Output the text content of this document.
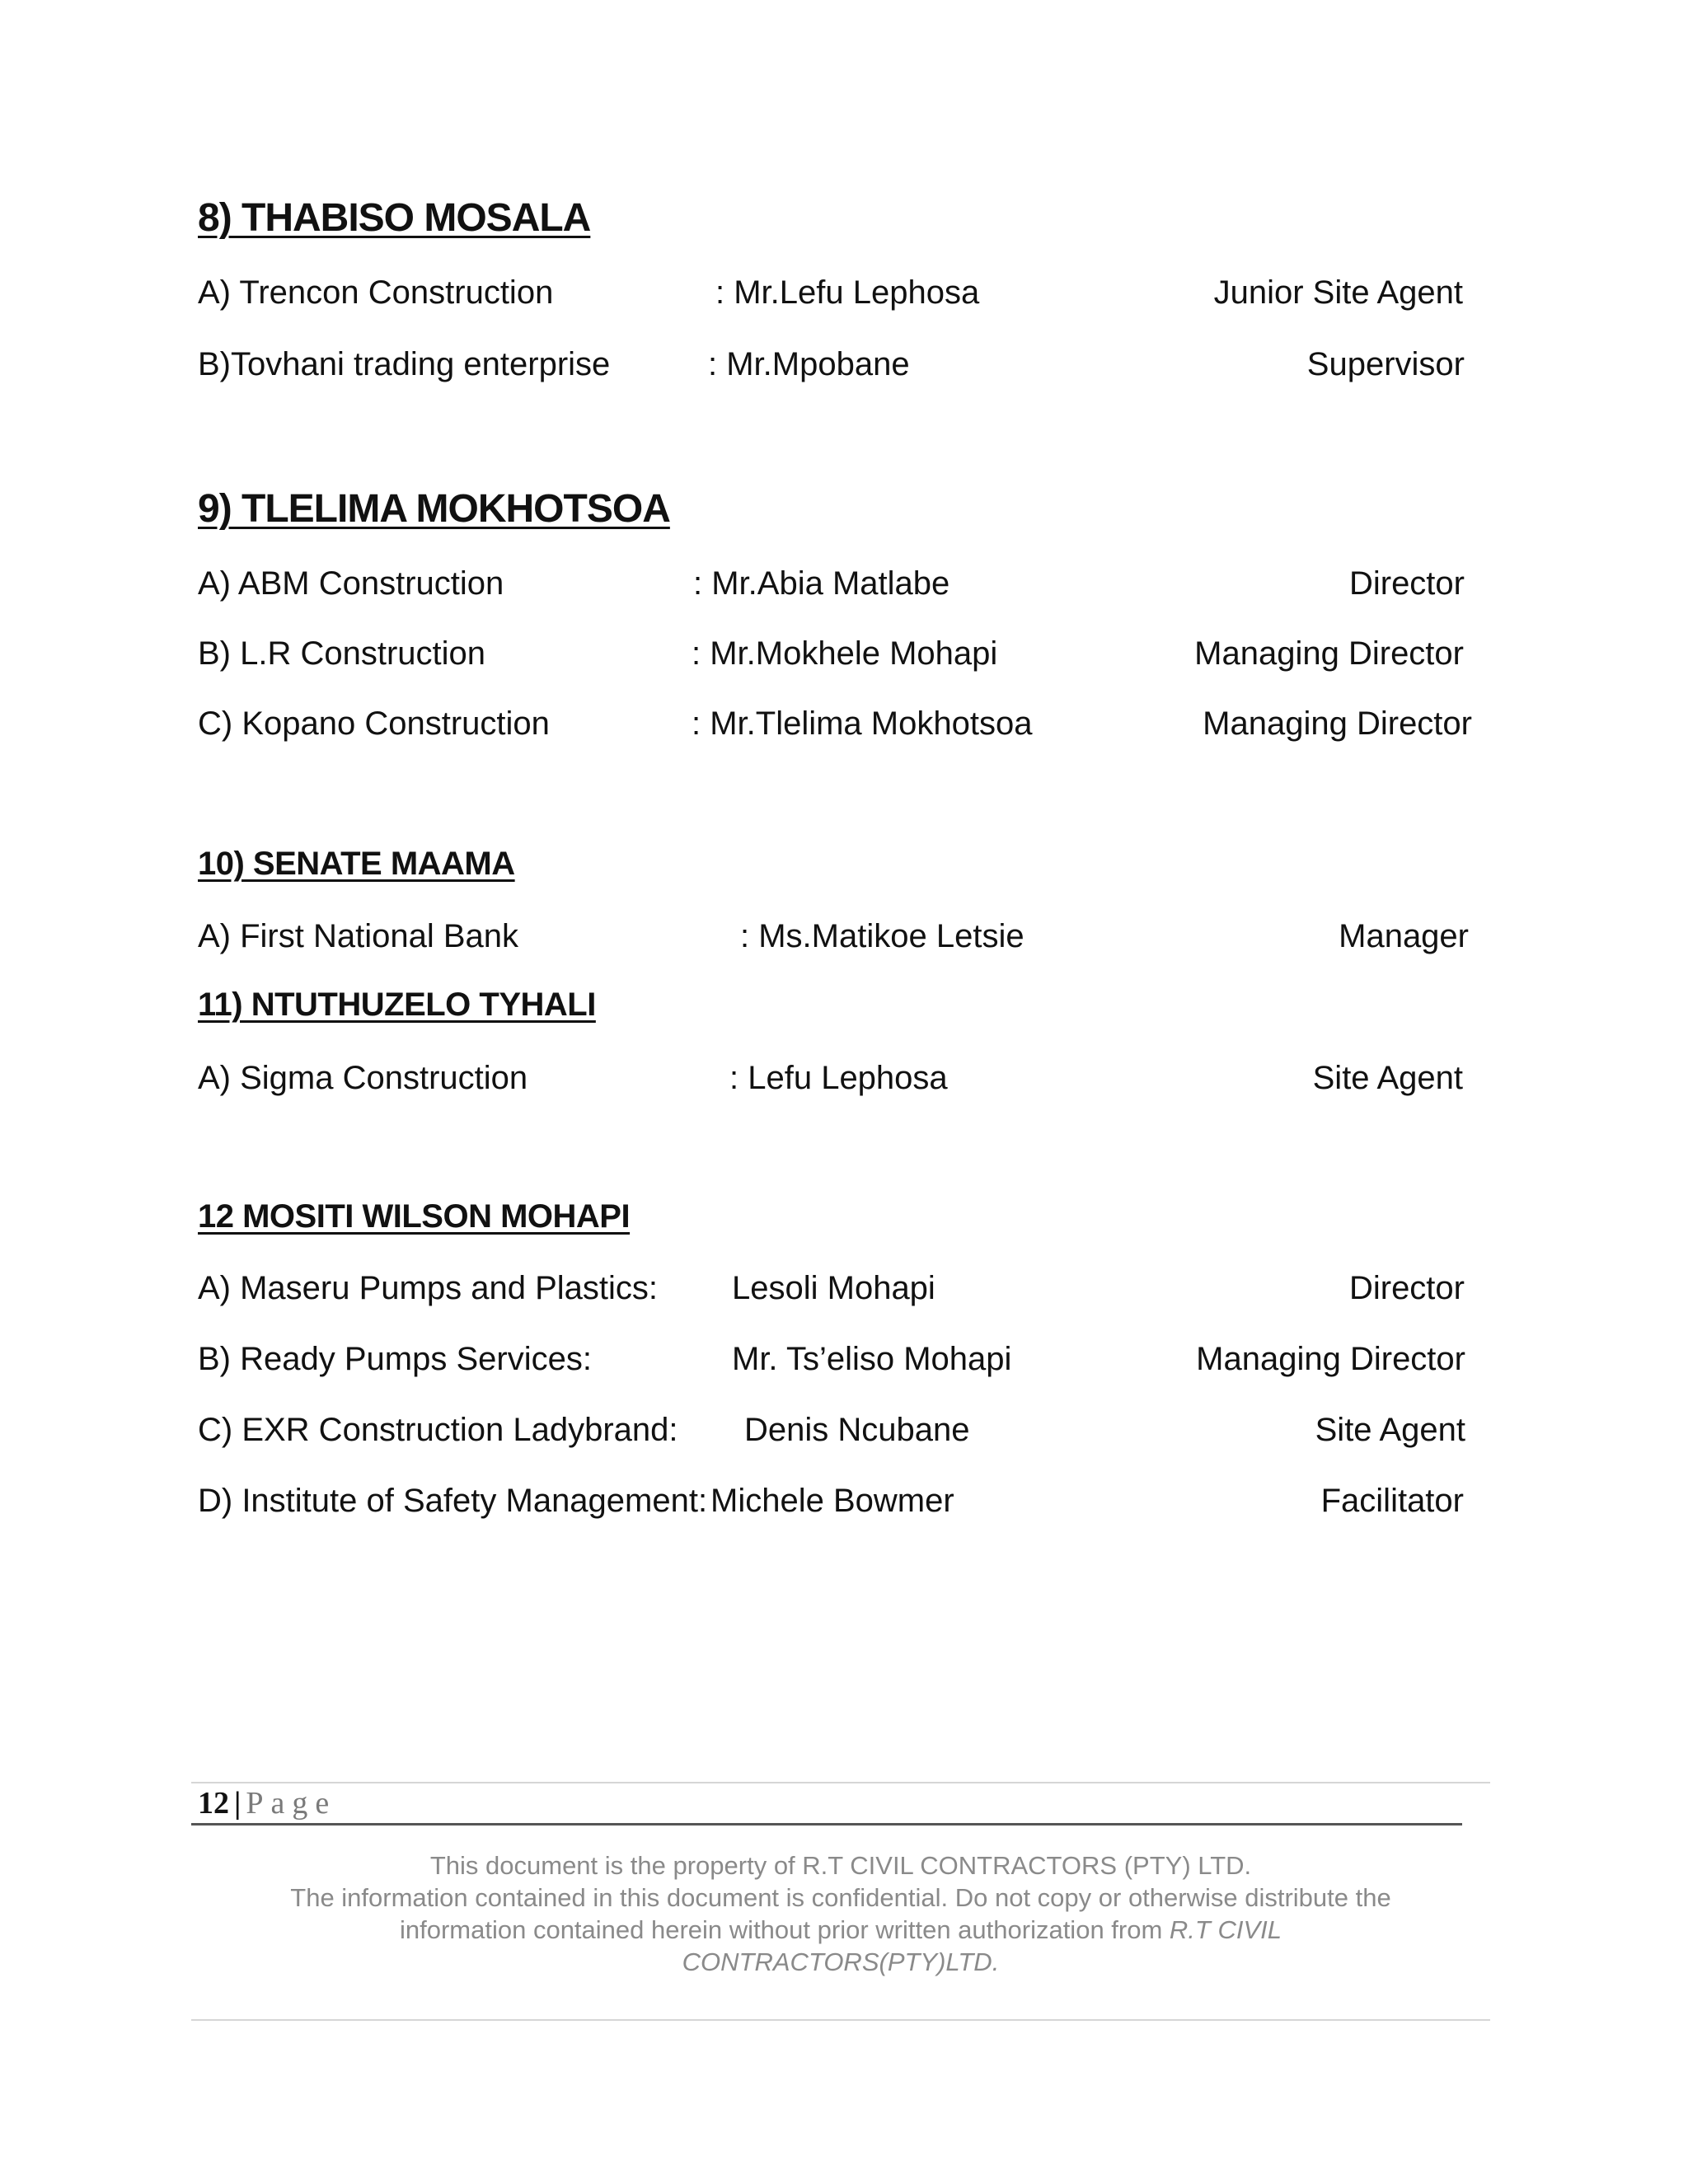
8) THABISO MOSALA
A) Trencon Construction	: Mr.Lefu Lephosa	Junior Site Agent
B)Tovhani trading enterprise	: Mr.Mpobane	Supervisor
9) TLELIMA MOKHOTSOA
A) ABM Construction	: Mr.Abia Matlabe	Director
B) L.R Construction	: Mr.Mokhele Mohapi	Managing Director
C) Kopano Construction	: Mr.Tlelima Mokhotsoa	Managing Director
10) SENATE MAAMA
A) First National Bank	: Ms.Matikoe Letsie	Manager
11) NTUTHUZELO TYHALI
A) Sigma Construction	: Lefu Lephosa	Site Agent
12 MOSITI WILSON MOHAPI
A) Maseru Pumps and Plastics: Lesoli Mohapi	Director
B) Ready Pumps Services:	Mr. Ts’eliso Mohapi	Managing Director
C) EXR Construction Ladybrand: Denis Ncubane	Site Agent
D) Institute of Safety Management: Michele Bowmer	Facilitator
12 | Page

This document is the property of R.T CIVIL CONTRACTORS (PTY) LTD.

The information contained in this document is confidential. Do not copy or otherwise distribute the

information contained herein without prior written authorization from R.T CIVIL

CONTRACTORS(PTY)LTD.
